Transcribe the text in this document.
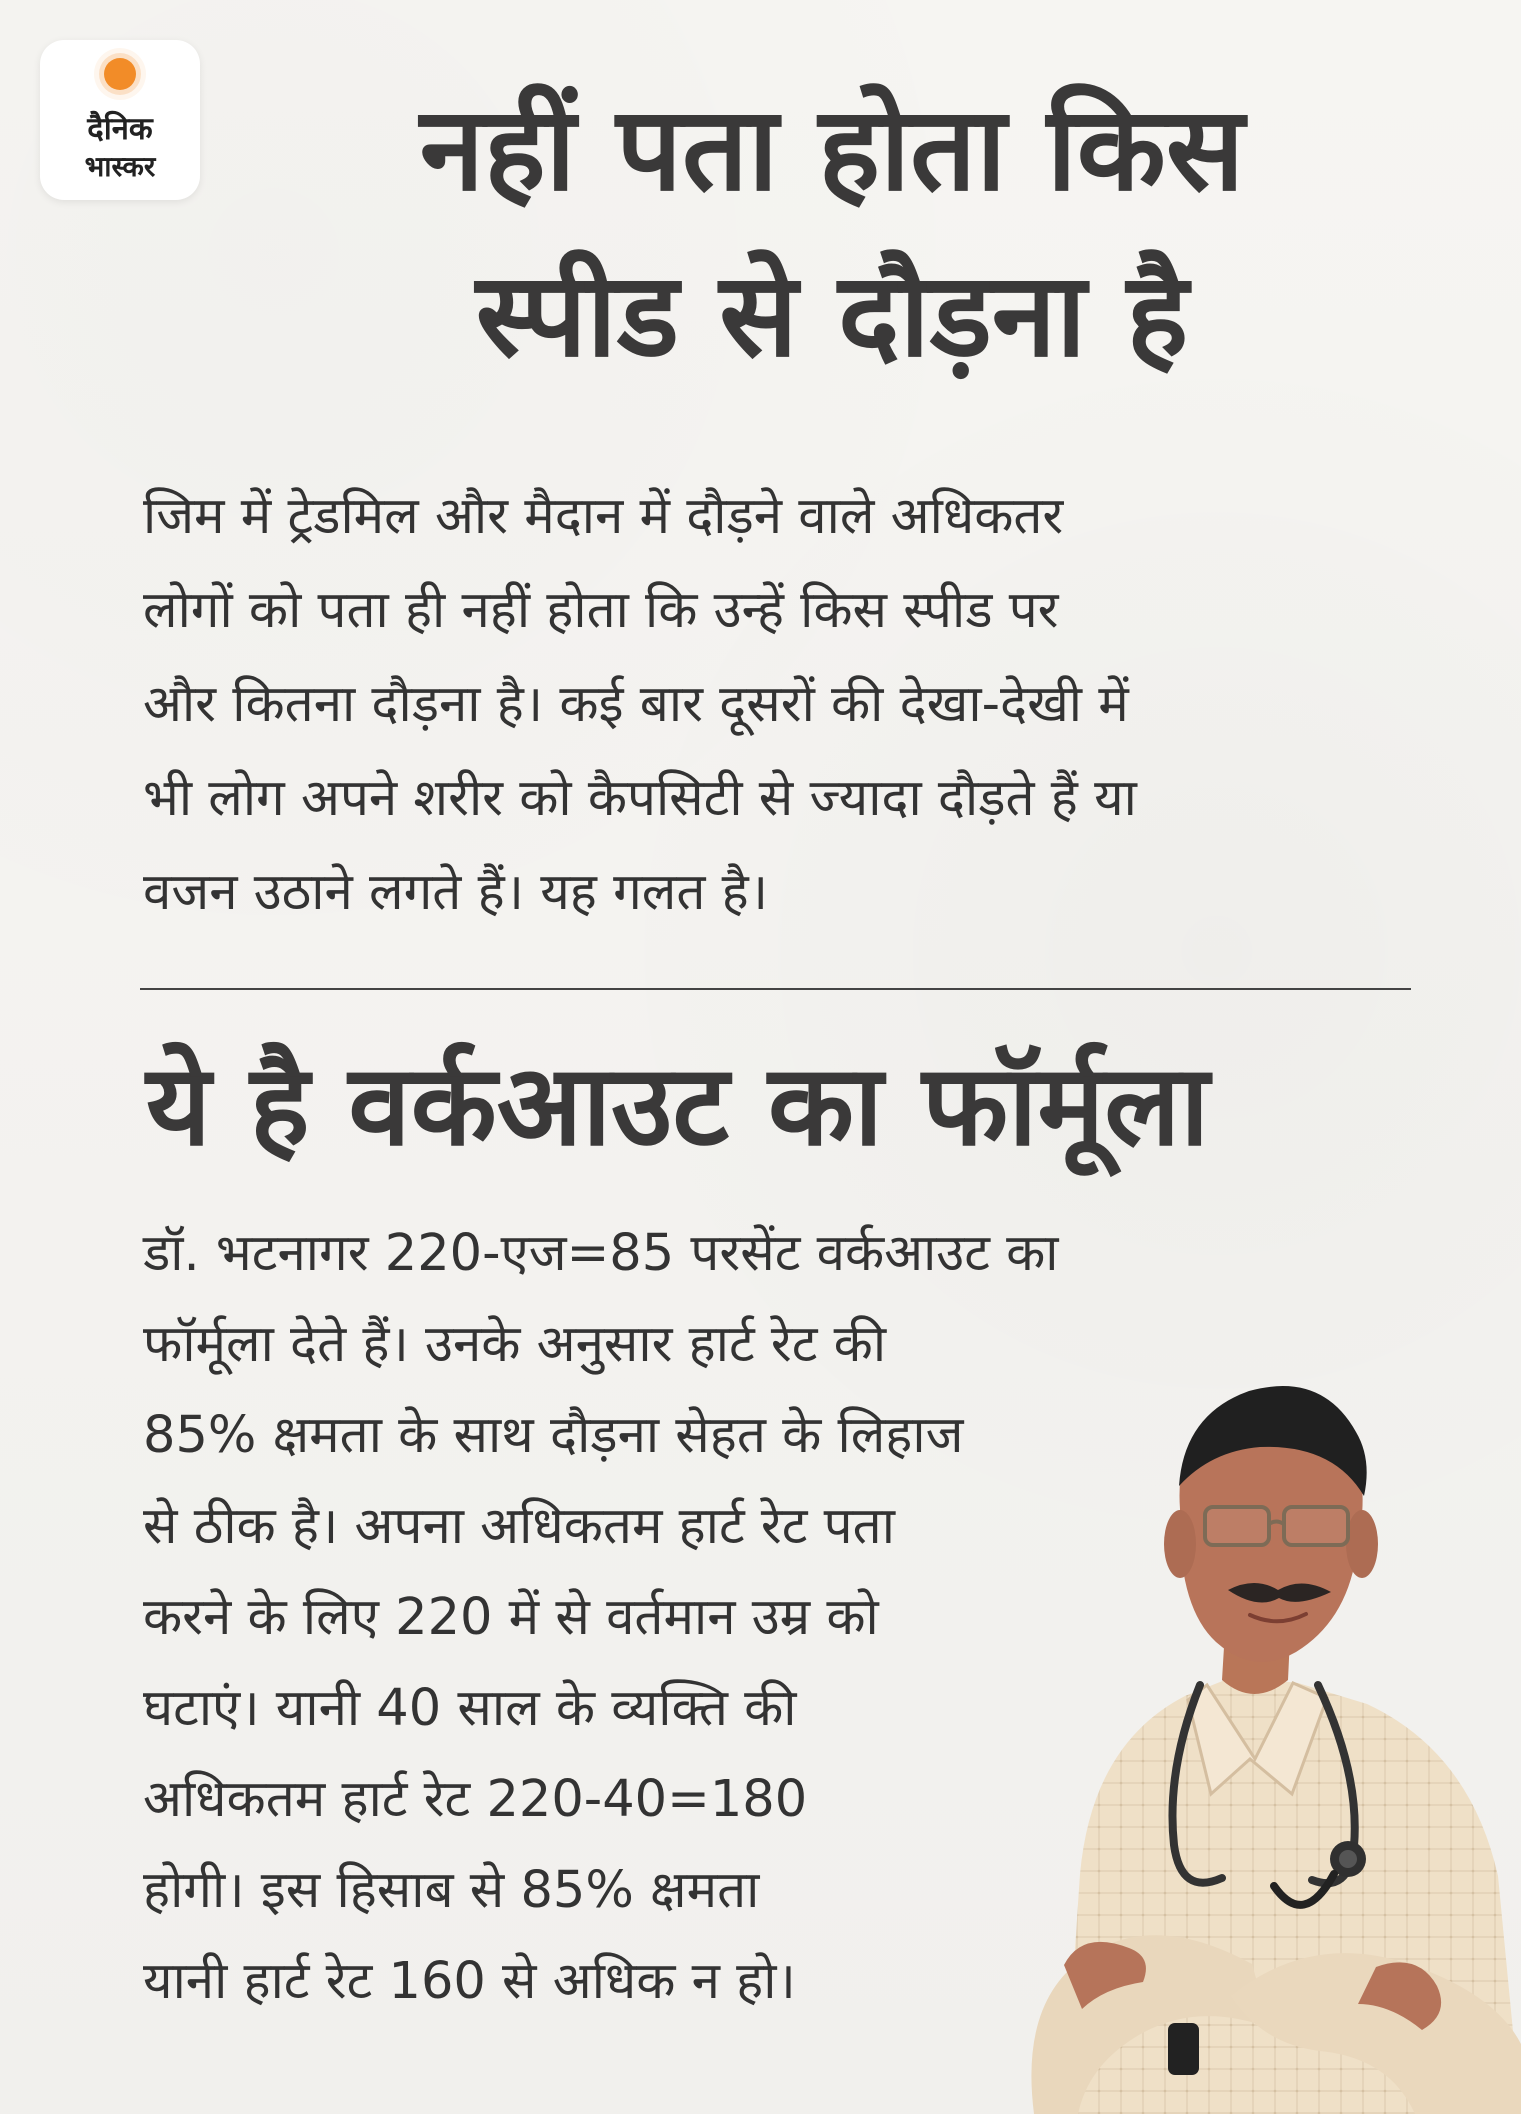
दैनिक
भास्कर	नहीं पता होता किस
स्पीड से दौड़ना है

जिम में ट्रेडमिल और मैदान में दौड़ने वाले अधिकतर
लोगों को पता ही नहीं होता कि उन्हें किस स्पीड पर
और कितना दौड़ना है। कई बार दूसरों की देखा-देखी में
भी लोग अपने शरीर को कैपसिटी से ज्यादा दौड़ते हैं या
वजन उठाने लगते हैं। यह गलत है।

ये है वर्कआउट का फॉर्मूला

डॉ. भटनागर 220-एज=85 परसेंट वर्कआउट का
फॉर्मूला देते हैं। उनके अनुसार हार्ट रेट की
85% क्षमता के साथ दौड़ना सेहत के लिहाज
से ठीक है। अपना अधिकतम हार्ट रेट पता
करने के लिए 220 में से वर्तमान उम्र को
घटाएं। यानी 40 साल के व्यक्ति की
अधिकतम हार्ट रेट 220-40=180
होगी। इस हिसाब से 85% क्षमता
यानी हार्ट रेट 160 से अधिक न हो।
